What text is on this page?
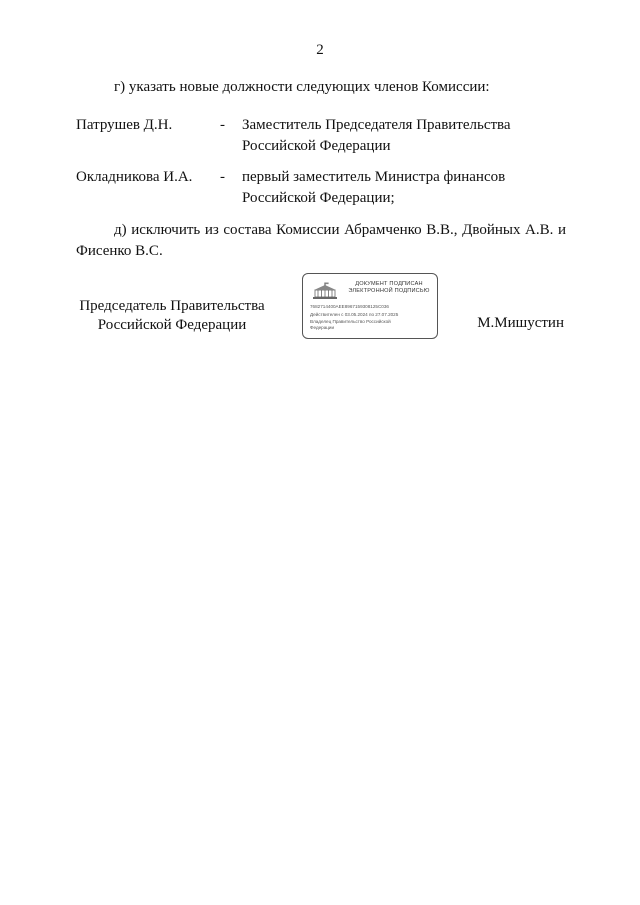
2
г) указать новые должности следующих членов Комиссии:
Патрушев Д.Н.	- Заместитель Председателя Правительства
Российской Федерации
Окладникова И.А. - первый заместитель Министра финансов
Российской Федерации;
д) исключить из состава Комиссии Абрамченко В.В., Двойных А.В. и Фисенко В.С.
Председатель Правительства
Российской Федерации
ДОКУМЕНТ ПОДПИСАН
ЭЛЕКТРОННОЙ ПОДПИСЬЮ
7682714400AEE8967159308125C036
Действителен с 03.05.2024 по 27.07.2025
Владелец Правительство Российской Федерации	М.Мишустин
